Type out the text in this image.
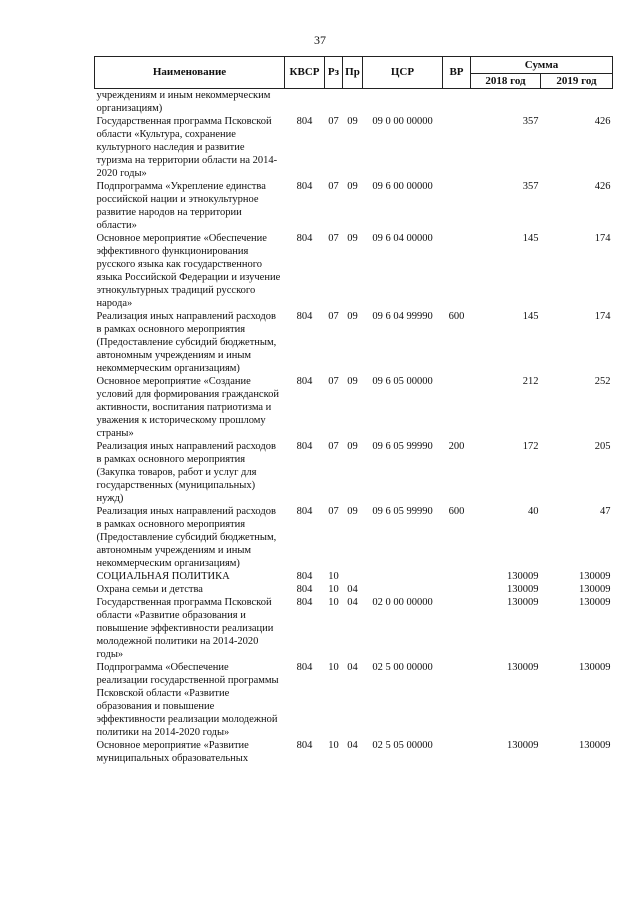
37
Наименование	КВСР	Рз	Пр	ЦСР	ВР	Сумма	
						2018 год	2019 год
учреждениям и иным некоммерческим организациям)							
Государственная программа Псковской области «Культура, сохранение культурного наследия и развитие туризма на территории области на 2014-2020 годы»	804	07	09	09 0 00 00000		357	426
Подпрограмма «Укрепление единства российской нации и этнокультурное развитие народов на территории области»	804	07	09	09 6 00 00000		357	426
Основное мероприятие «Обеспечение эффективного функционирования русского языка как государственного языка Российской Федерации и изучение этнокультурных традиций русского народа»	804	07	09	09 6 04 00000		145	174
Реализация иных направлений расходов в рамках основного мероприятия (Предоставление субсидий бюджетным, автономным учреждениям и иным некоммерческим организациям)	804	07	09	09 6 04 99990	600	145	174
Основное мероприятие «Создание условий для формирования гражданской активности, воспитания патриотизма и уважения к историческому прошлому страны»	804	07	09	09 6 05 00000		212	252
Реализация иных направлений расходов в рамках основного мероприятия (Закупка товаров, работ и услуг для государственных (муниципальных) нужд)	804	07	09	09 6 05 99990	200	172	205
Реализация иных направлений расходов в рамках основного мероприятия (Предоставление субсидий бюджетным, автономным учреждениям и иным некоммерческим организациям)	804	07	09	09 6 05 99990	600	40	47
СОЦИАЛЬНАЯ ПОЛИТИКА	804	10				130009	130009
Охрана семьи и детства	804	10	04			130009	130009
Государственная программа Псковской области «Развитие образования и повышение эффективности реализации молодежной политики на 2014-2020 годы»	804	10	04	02 0 00 00000		130009	130009
Подпрограмма «Обеспечение реализации государственной программы Псковской области «Развитие образования и повышение эффективности реализации молодежной политики на 2014-2020 годы»	804	10	04	02 5 00 00000		130009	130009
Основное мероприятие «Развитие муниципальных образовательных	804	10	04	02 5 05 00000		130009	130009
